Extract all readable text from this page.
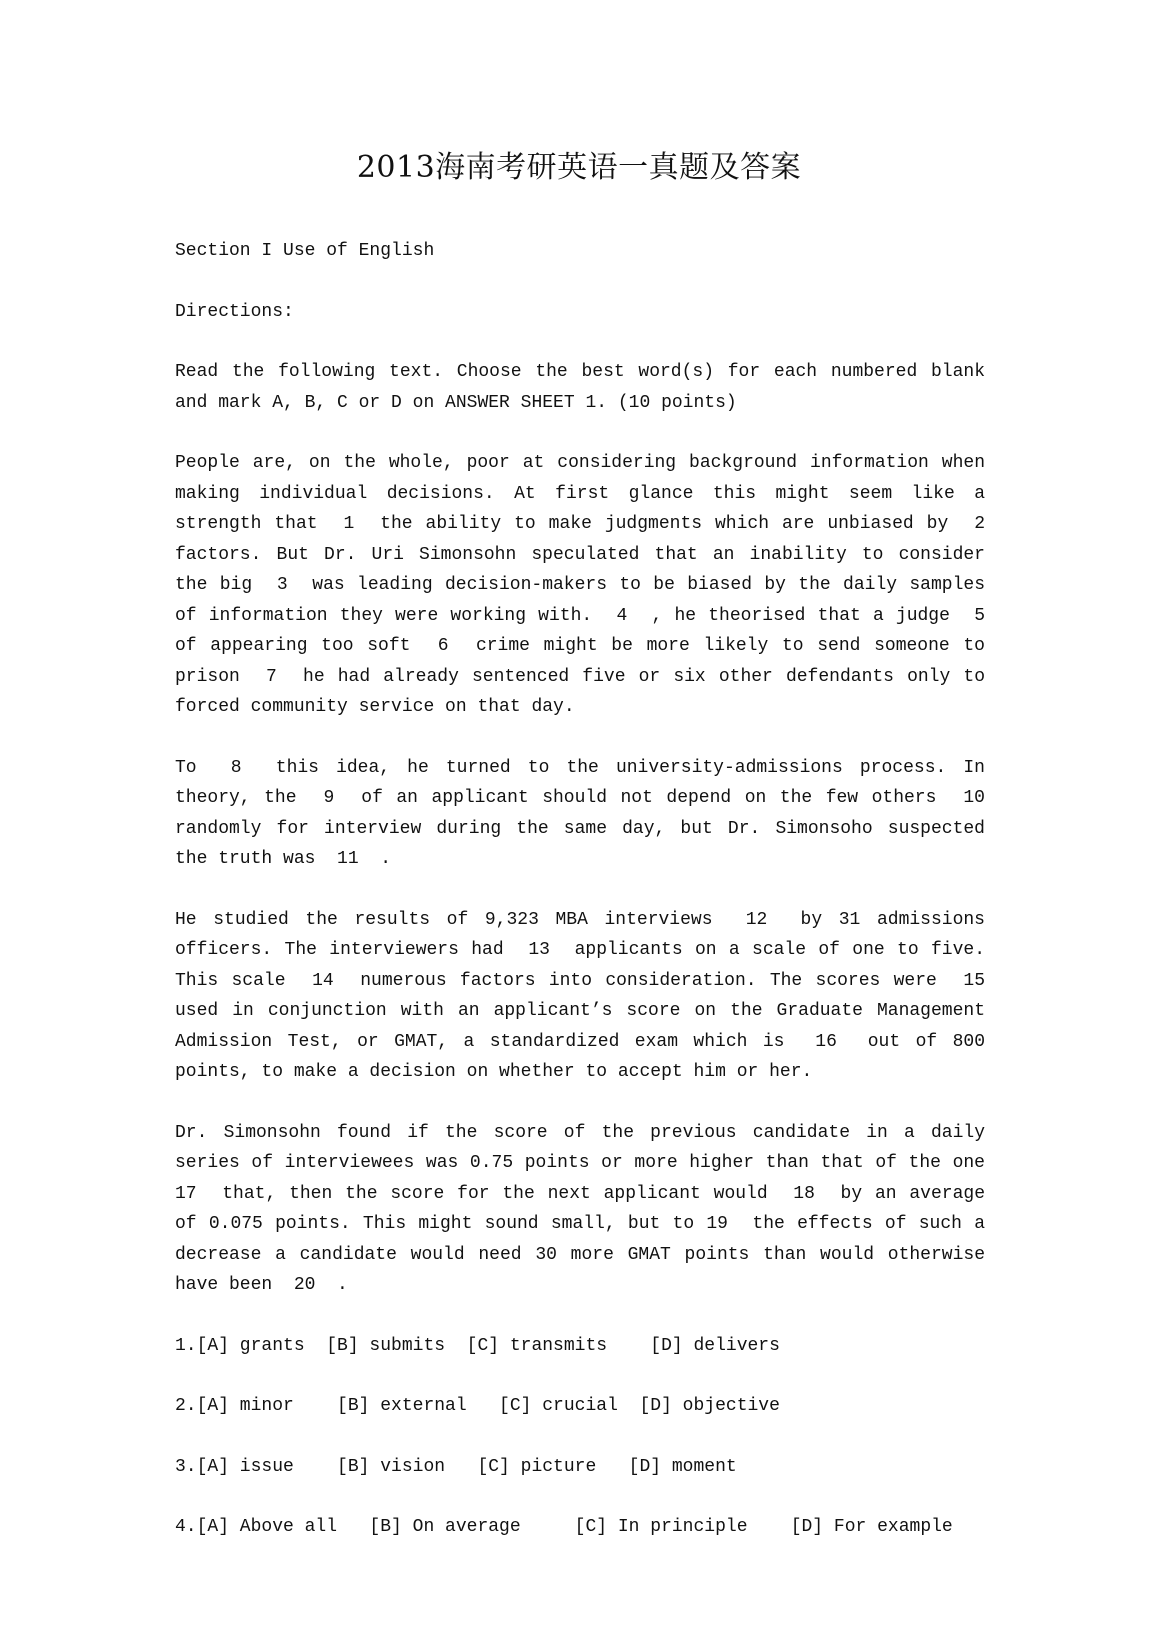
2013海南考研英语一真题及答案

Section I Use of English

Directions:

Read the following text. Choose the best word(s) for each numbered blank and mark A, B, C or D on ANSWER SHEET 1. (10 points)

People are, on the whole, poor at considering background information when making individual decisions. At first glance this might seem like a strength that  1  the ability to make judgments which are unbiased by  2  factors. But Dr. Uri Simonsohn speculated that an inability to consider the big  3  was leading decision-makers to be biased by the daily samples of information they were working with.  4  , he theorised that a judge  5  of appearing too soft  6  crime might be more likely to send someone to prison  7  he had already sentenced five or six other defendants only to forced community service on that day.

To  8  this idea, he turned to the university-admissions process. In theory, the  9  of an applicant should not depend on the few others  10  randomly for interview during the same day, but Dr. Simonsoho suspected the truth was  11  .

He studied the results of 9,323 MBA interviews  12  by 31 admissions officers. The interviewers had  13  applicants on a scale of one to five. This scale  14  numerous factors into consideration. The scores were  15  used in conjunction with an applicant’s score on the Graduate Management Admission Test, or GMAT, a standardized exam which is  16  out of 800 points, to make a decision on whether to accept him or her.

Dr. Simonsohn found if the score of the previous candidate in a daily series of interviewees was 0.75 points or more higher than that of the one  17  that, then the score for the next applicant would  18  by an average of 0.075 points. This might sound small, but to 19  the effects of such a decrease a candidate would need 30 more GMAT points than would otherwise have been  20  .

1.[A] grants  [B] submits  [C] transmits    [D] delivers
2.[A] minor    [B] external   [C] crucial  [D] objective
3.[A] issue    [B] vision   [C] picture   [D] moment
4.[A] Above all   [B] On average     [C] In principle    [D] For example
